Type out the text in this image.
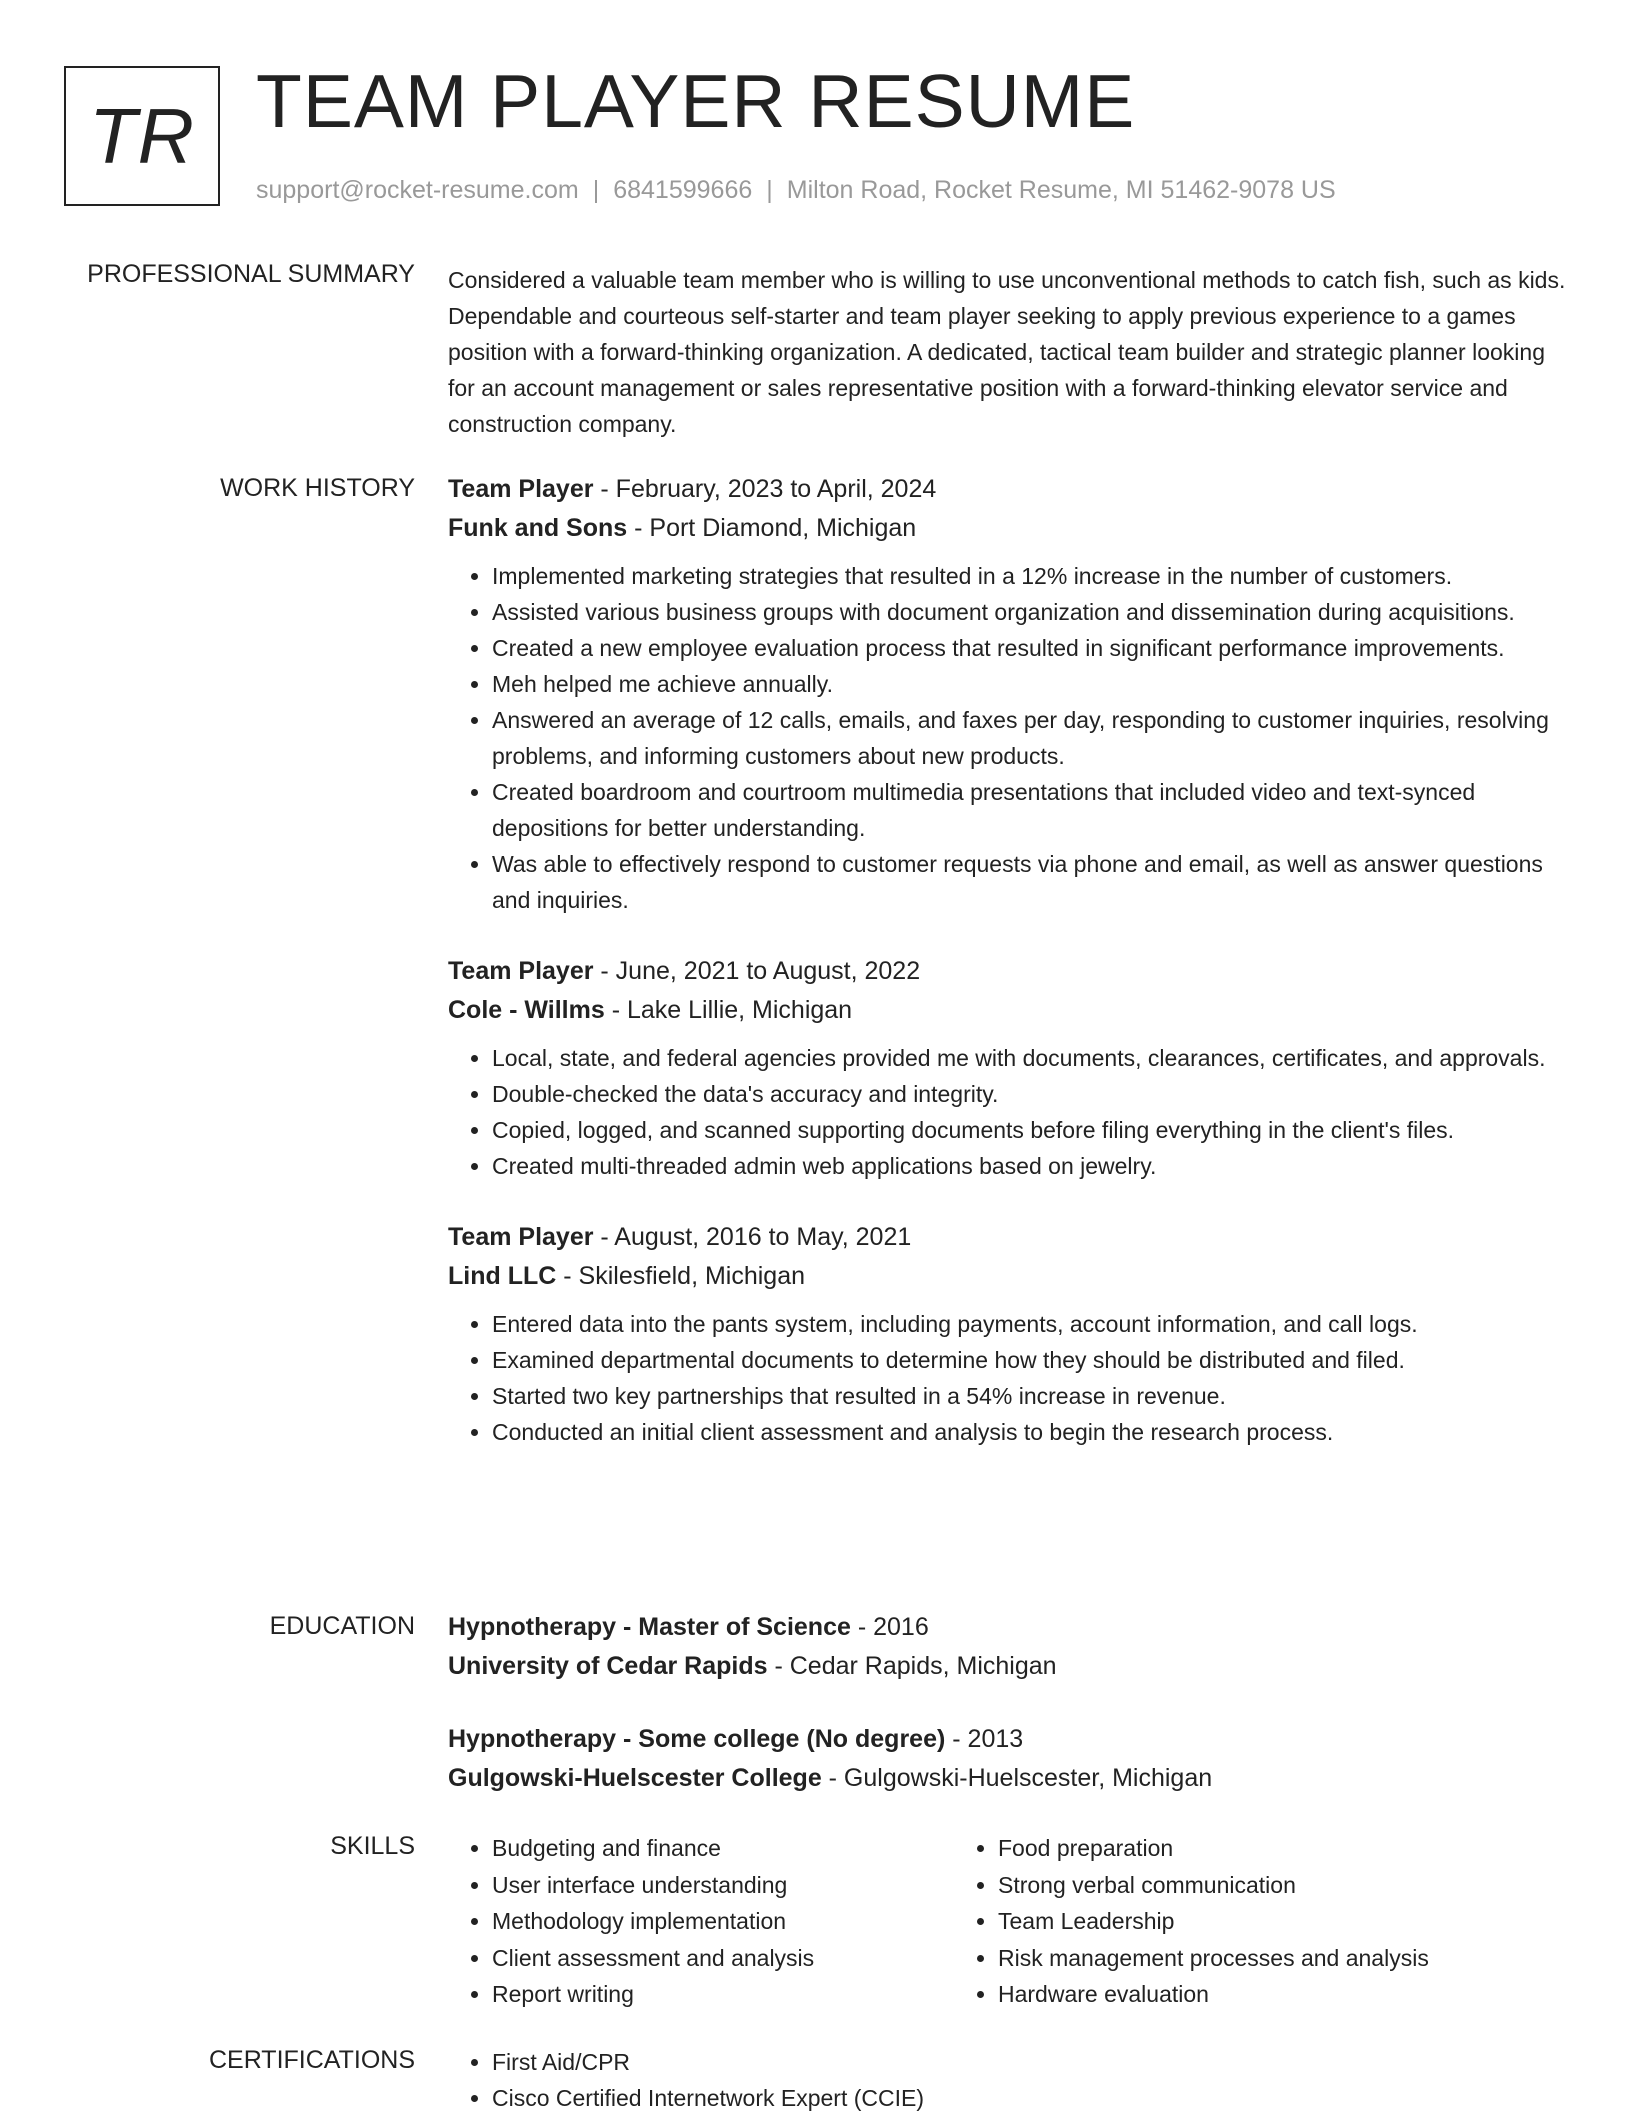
TR TEAM PLAYER RESUME
support@rocket-resume.com | 6841599666 | Milton Road, Rocket Resume, MI 51462-9078 US
PROFESSIONAL SUMMARY Considered a valuable team member who is willing to use unconventional methods to catch fish, such as kids. Dependable and courteous self-starter and team player seeking to apply previous experience to a games position with a forward-thinking organization. A dedicated, tactical team builder and strategic planner looking for an account management or sales representative position with a forward-thinking elevator service and construction company.

WORK HISTORY Team Player - February, 2023 to April, 2024
Funk and Sons - Port Diamond, Michigan
• Implemented marketing strategies that resulted in a 12% increase in the number of customers.
• Assisted various business groups with document organization and dissemination during acquisitions.
• Created a new employee evaluation process that resulted in significant performance improvements.
• Meh helped me achieve annually.
• Answered an average of 12 calls, emails, and faxes per day, responding to customer inquiries, resolving problems, and informing customers about new products.
• Created boardroom and courtroom multimedia presentations that included video and text-synced depositions for better understanding.
• Was able to effectively respond to customer requests via phone and email, as well as answer questions and inquiries.
Team Player - June, 2021 to August, 2022
Cole - Willms - Lake Lillie, Michigan
• Local, state, and federal agencies provided me with documents, clearances, certificates, and approvals.
• Double-checked the data's accuracy and integrity.
• Copied, logged, and scanned supporting documents before filing everything in the client's files.
• Created multi-threaded admin web applications based on jewelry.
Team Player - August, 2016 to May, 2021
Lind LLC - Skilesfield, Michigan
• Entered data into the pants system, including payments, account information, and call logs.
• Examined departmental documents to determine how they should be distributed and filed.
• Started two key partnerships that resulted in a 54% increase in revenue.
• Conducted an initial client assessment and analysis to begin the research process.
EDUCATION Hypnotherapy - Master of Science - 2016
University of Cedar Rapids - Cedar Rapids, Michigan
Hypnotherapy - Some college (No degree) - 2013
Gulgowski-Huelscester College - Gulgowski-Huelscester, Michigan
SKILLS	• Budgeting and finance
• User interface understanding
• Methodology implementation
• Client assessment and analysis
• Report writing
• Food preparation
• Strong verbal communication
• Team Leadership
• Risk management processes and analysis
• Hardware evaluation
CERTIFICATIONS	• First Aid/CPR
• Cisco Certified Internetwork Expert (CCIE)
